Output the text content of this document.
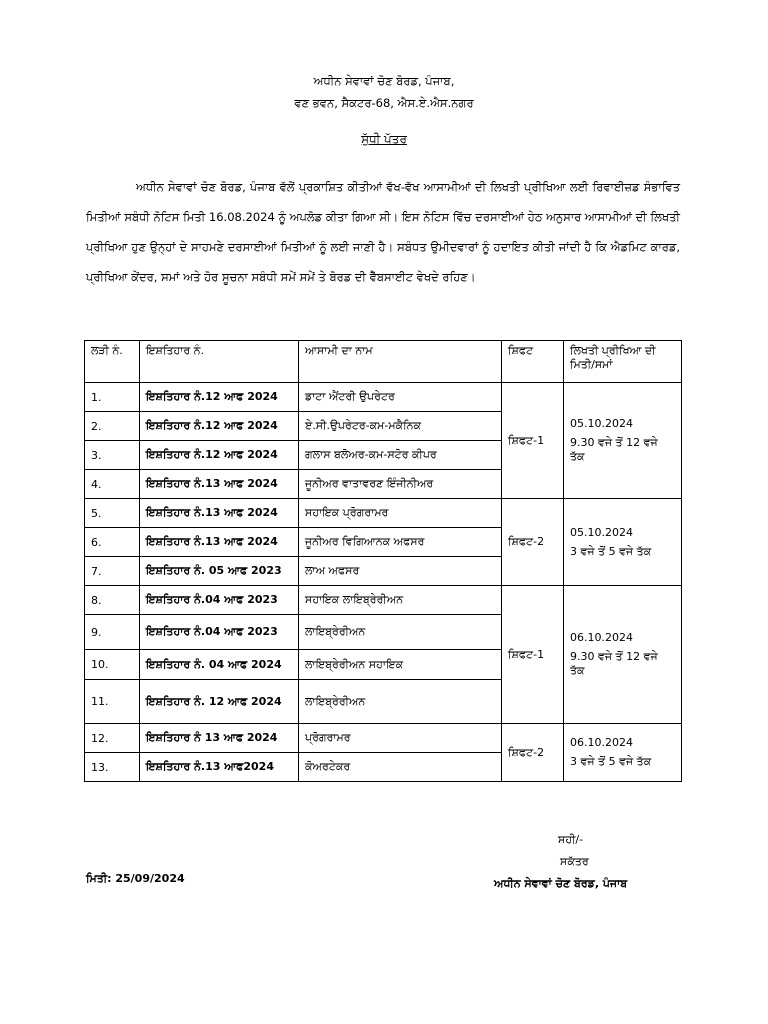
ਅਧੀਨ ਸੇਵਾਵਾਂ ਚੋਣ ਬੋਰਡ, ਪੰਜਾਬ,
ਵਣ ਭਵਨ, ਸੈਕਟਰ-68, ਐਸ.ਏ.ਐਸ.ਨਗਰ
ਸੁੱਧੀ ਪੱਤਰ
ਅਧੀਨ ਸੇਵਾਵਾਂ ਚੋਣ ਬੋਰਡ, ਪੰਜਾਬ ਵੱਲੋਂ ਪ੍ਰਕਾਸ਼ਿਤ ਕੀਤੀਆਂ ਵੱਖ-ਵੱਖ ਆਸਾਮੀਆਂ ਦੀ ਲਿਖਤੀ ਪ੍ਰੀਖਿਆ ਲਈ ਰਿਵਾਈਜ਼ਡ ਸੰਭਾਵਿਤ ਮਿਤੀਆਂ ਸਬੰਧੀ ਨੋਟਿਸ ਮਿਤੀ 16.08.2024 ਨੂੰ ਅਪਲੋਡ ਕੀਤਾ ਗਿਆ ਸੀ। ਇਸ ਨੋਟਿਸ ਵਿੱਚ ਦਰਸਾਈਆਂ ਹੇਠ ਅਨੁਸਾਰ ਆਸਾਮੀਆਂ ਦੀ ਲਿਖਤੀ ਪ੍ਰੀਖਿਆ ਹੁਣ ਉਨ੍ਹਾਂ ਦੇ ਸਾਹਮਣੇ ਦਰਸਾਈਆਂ ਮਿਤੀਆਂ ਨੂੰ ਲਈ ਜਾਣੀ ਹੈ। ਸਬੰਧਤ ਉਮੀਦਵਾਰਾਂ ਨੂੰ ਹਦਾਇਤ ਕੀਤੀ ਜਾਂਦੀ ਹੈ ਕਿ ਐਡਮਿਟ ਕਾਰਡ, ਪ੍ਰੀਖਿਆ ਕੇਂਦਰ, ਸਮਾਂ ਅਤੇ ਹੋਰ ਸੂਚਨਾ ਸਬੰਧੀ ਸਮੇਂ ਸਮੇਂ ਤੇ ਬੋਰਡ ਦੀ ਵੈੱਬਸਾਈਟ ਵੇਖਦੇ ਰਹਿਣ।
ਲੜੀ ਨੰ.	ਇਸ਼ਤਿਹਾਰ ਨੰ.	ਆਸਾਮੀ ਦਾ ਨਾਮ	ਸ਼ਿਫਟ	ਲਿਖਤੀ ਪ੍ਰੀਖਿਆ ਦੀ ਮਿਤੀ/ਸਮਾਂ
1.	ਇਸ਼ਤਿਹਾਰ ਨੰ.12 ਆਫ 2024	ਡਾਟਾ ਐਂਟਰੀ ਉਪਰੇਟਰ	ਸ਼ਿਫਟ-1	05.10.2024
9.30 ਵਜੇ ਤੋਂ 12 ਵਜੇ ਤੱਕ

2.	ਇਸ਼ਤਿਹਾਰ ਨੰ.12 ਆਫ 2024	ਏ.ਸੀ.ਉਪਰੇਟਰ-ਕਮ-ਮਕੈਨਿਕ		
3.	ਇਸ਼ਤਿਹਾਰ ਨੰ.12 ਆਫ 2024	ਗਲਾਸ ਬਲੋਅਰ-ਕਮ-ਸਟੋਰ ਕੀਪਰ		
4.	ਇਸ਼ਤਿਹਾਰ ਨੰ.13 ਆਫ 2024	ਜੂਨੀਅਰ ਵਾਤਾਵਰਣ ਇੰਜੀਨੀਅਰ		
5.	ਇਸ਼ਤਿਹਾਰ ਨੰ.13 ਆਫ 2024	ਸਹਾਇਕ ਪ੍ਰੋਗਰਾਮਰ	ਸ਼ਿਫਟ-2	05.10.2024
3 ਵਜੇ ਤੋਂ 5 ਵਜੇ ਤੱਕ

6.	ਇਸ਼ਤਿਹਾਰ ਨੰ.13 ਆਫ 2024	ਜੂਨੀਅਰ ਵਿਗਿਆਨਕ ਅਫਸਰ		
7.	ਇਸ਼ਤਿਹਾਰ ਨੰ. 05 ਆਫ 2023	ਲਾਅ ਅਫਸਰ		
8.	ਇਸ਼ਤਿਹਾਰ ਨੰ.04 ਆਫ 2023	ਸਹਾਇਕ ਲਾਇਬ੍ਰੇਰੀਅਨ	ਸ਼ਿਫਟ-1	06.10.2024
9.30 ਵਜੇ ਤੋਂ 12 ਵਜੇ ਤੱਕ

9.	ਇਸ਼ਤਿਹਾਰ ਨੰ.04 ਆਫ 2023	ਲਾਇਬ੍ਰੇਰੀਅਨ		
10.	ਇਸ਼ਤਿਹਾਰ ਨੰ. 04 ਆਫ 2024	ਲਾਇਬ੍ਰੇਰੀਅਨ ਸਹਾਇਕ		
11.	ਇਸ਼ਤਿਹਾਰ ਨੰ. 12 ਆਫ 2024	ਲਾਇਬ੍ਰੇਰੀਅਨ		
12.	ਇਸ਼ਤਿਹਾਰ ਨੰ 13 ਆਫ 2024	ਪ੍ਰੋਗਰਾਮਰ	ਸ਼ਿਫਟ-2	06.10.2024
3 ਵਜੇ ਤੋਂ 5 ਵਜੇ ਤੱਕ

13.	ਇਸ਼ਤਿਹਾਰ ਨੰ.13 ਆਫ2024	ਕੋਅਰਟੇਕਰ		
ਸਹੀ/-
ਸਕੱਤਰ
ਅਧੀਨ ਸੇਵਾਵਾਂ ਚੋਣ ਬੋਰਡ, ਪੰਜਾਬ
ਮਿਤੀ: 25/09/2024
